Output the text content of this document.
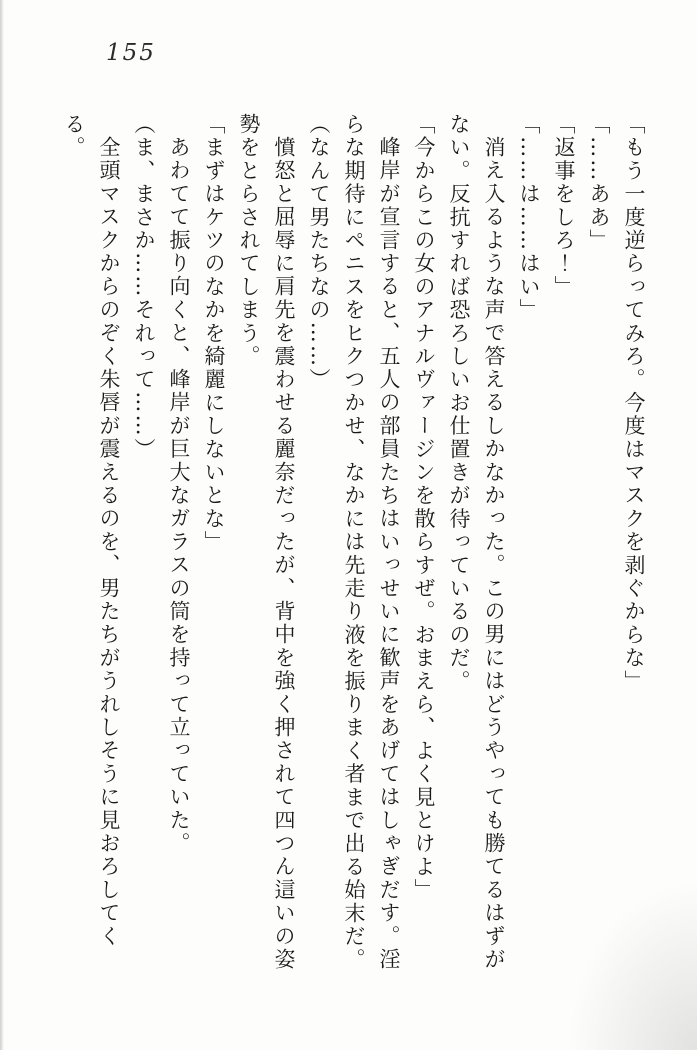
155

「もう一度逆らってみろ。今度はマスクを剥ぐからな」

「……ああ」

「返事をしろ！」

「……は……はい」

消え入るような声で答えるしかなかった。この男にはどうやっても勝てるはずがない。反抗すれば恐ろしいお仕置きが待っているのだ。

「今からこの女のアナルヴァージンを散らすぜ。おまえら、よく見とけよ」

峰岸が宣言すると、五人の部員たちはいっせいに歓声をあげてはしゃぎだす。淫らな期待にペニスをヒクつかせ、なかには先走り液を振りまく者まで出る始末だ。

（なんて男たちなの……）

憤怒と屈辱に肩先を震わせる麗奈だったが、背中を強く押されて四つん這いの姿勢をとらされてしまう。

「まずはケツのなかを綺麗にしないとな」

あわてて振り向くと、峰岸が巨大なガラスの筒を持って立っていた。

（ま、まさか……それって……）

全頭マスクからのぞく朱唇が震えるのを、男たちがうれしそうに見おろしてくる。
